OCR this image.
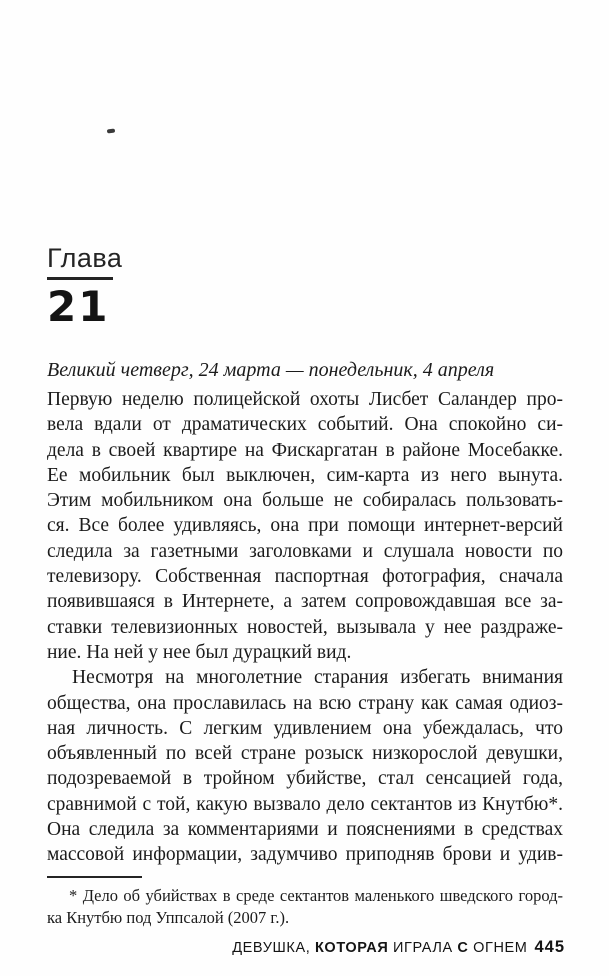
Глава
21
Великий четверг, 24 марта — понедельник, 4 апреля
Первую неделю полицейской охоты Лисбет Саландер про-
вела вдали от драматических событий. Она спокойно си-
дела в своей квартире на Фискаргатан в районе Мосебакке.
Ее мобильник был выключен, сим-карта из него вынута.
Этим мобильником она больше не собиралась пользовать-
ся. Все более удивляясь, она при помощи интернет-версий
следила за газетными заголовками и слушала новости по
телевизору. Собственная паспортная фотография, сначала
появившаяся в Интернете, а затем сопровождавшая все за-
ставки телевизионных новостей, вызывала у нее раздраже-
ние. На ней у нее был дурацкий вид.
Несмотря на многолетние старания избегать внимания
общества, она прославилась на всю страну как самая одиоз-
ная личность. С легким удивлением она убеждалась, что
объявленный по всей стране розыск низкорослой девушки,
подозреваемой в тройном убийстве, стал сенсацией года,
сравнимой с той, какую вызвало дело сектантов из Кнутбю*.
Она следила за комментариями и пояснениями в средствах
массовой информации, задумчиво приподняв брови и удив-
* Дело об убийствах в среде сектантов маленького шведского город-
ка Кнутбю под Уппсалой (2007 г.).
ДЕВУШКА, КОТОРАЯ ИГРАЛА С ОГНЕМ 445
